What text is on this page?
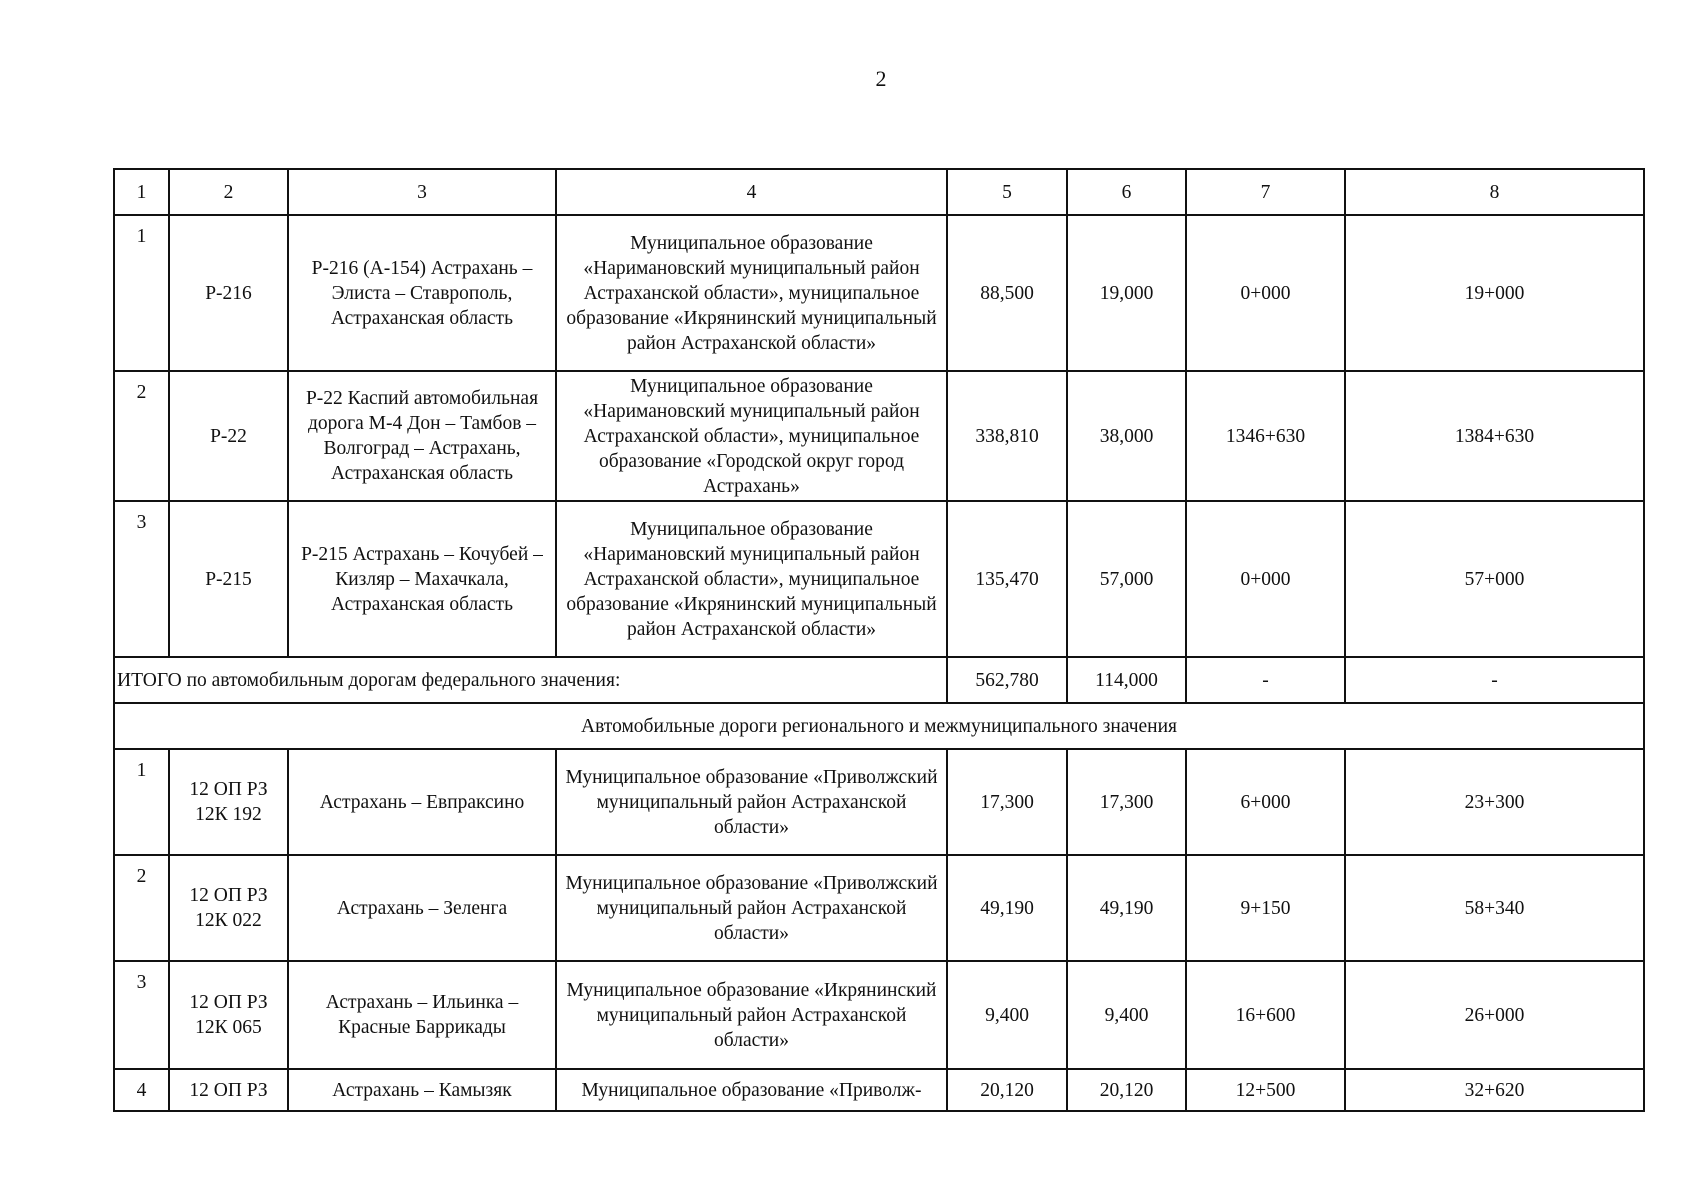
2
1	2	3	4	5	6	7	8
1	Р-216	Р-216 (А-154) Астрахань – Элиста – Ставрополь, Астраханская область	Муниципальное образование «Наримановский муниципальный район Астраханской области», муниципальное образование «Икрянинский муниципальный район Астраханской области»	88,500	19,000	0+000	19+000
2	Р-22	Р-22 Каспий автомобильная дорога М-4 Дон – Тамбов – Волгоград – Астрахань, Астраханская область	Муниципальное образование «Наримановский муниципальный район Астраханской области», муниципальное образование «Городской округ город Астрахань»	338,810	38,000	1346+630	1384+630
3	Р-215	Р-215 Астрахань – Кочубей – Кизляр – Махачкала, Астраханская область	Муниципальное образование «Наримановский муниципальный район Астраханской области», муниципальное образование «Икрянинский муниципальный район Астраханской области»	135,470	57,000	0+000	57+000
ИТОГО по автомобильным дорогам федерального значения:				562,780	114,000	-	-
Автомобильные дороги регионального и межмуниципального значения							
1	12 ОП РЗ 12К 192	Астрахань – Евпраксино	Муниципальное образование «Приволжский муниципальный район Астраханской области»	17,300	17,300	6+000	23+300
2	12 ОП РЗ 12К 022	Астрахань – Зеленга	Муниципальное образование «Приволжский муниципальный район Астраханской области»	49,190	49,190	9+150	58+340
3	12 ОП РЗ 12К 065	Астрахань – Ильинка – Красные Баррикады	Муниципальное образование «Икрянинский муниципальный район Астраханской области»	9,400	9,400	16+600	26+000
4	12 ОП РЗ	Астрахань – Камызяк	Муниципальное образование «Приволж-	20,120	20,120	12+500	32+620
